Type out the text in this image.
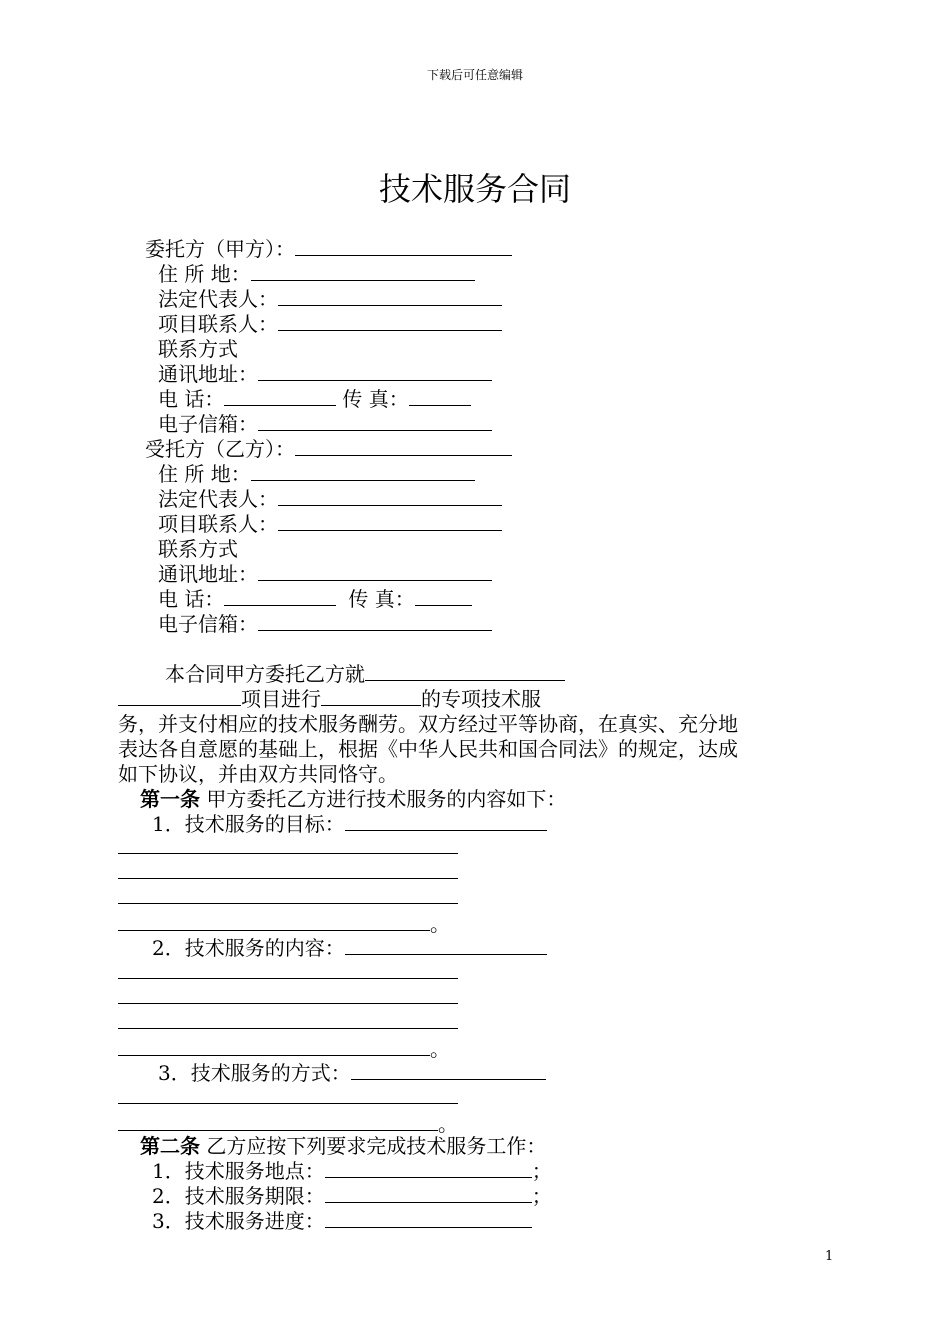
下载后可任意编辑
技术服务合同
委托方（甲方）：
住 所 地：
法定代表人：
项目联系人：
联系方式
通讯地址：
电 话：	传 真：
电子信箱：
受托方（乙方）：
住 所 地：
法定代表人：
项目联系人：
联系方式
通讯地址：
电 话：	传 真：
电子信箱：
本合同甲方委托乙方就
项目进行	的专项技术服
务，并支付相应的技术服务酬劳。双方经过平等协商，在真实、充分地
表达各自意愿的基础上，根据《中华人民共和国合同法》的规定，达成
如下协议，并由双方共同恪守。
第一条 甲方委托乙方进行技术服务的内容如下：
1．技术服务的目标：
。
2．技术服务的内容：
。
3．技术服务的方式：
。
第二条 乙方应按下列要求完成技术服务工作：
1．技术服务地点：	；
2．技术服务期限：	；
3．技术服务进度：
1
